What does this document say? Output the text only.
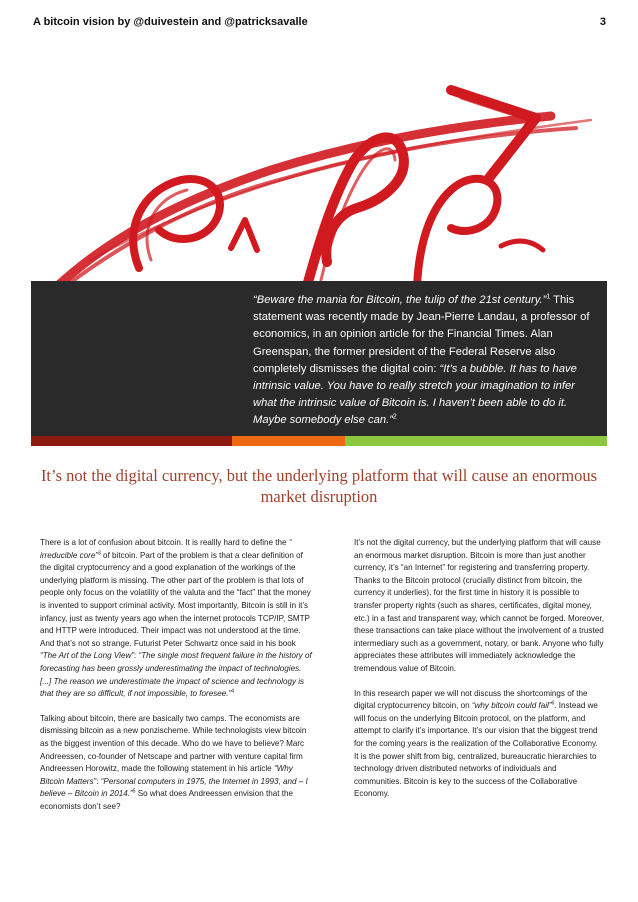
A bitcoin vision by @duivestein and @patricksavalle	3
“Beware the mania for Bitcoin, the tulip of the 21st century.”$^1$ This statement was recently made by Jean-Pierre Landau, a professor of economics, in an opinion article for the Financial Times. Alan Greenspan, the former president of the Federal Reserve also completely dismisses the digital coin: “It’s a bubble. It has to have intrinsic value. You have to really stretch your imagination to infer what the intrinsic value of Bitcoin is. I haven’t been able to do it. Maybe somebody else can.”$^2$
It’s not the digital currency, but the underlying platform that will cause an enormous market disruption

There is a lot of confusion about bitcoin. It is reallly hard to define the “ irreducible core”$^3$ of bitcoin. Part of the problem is that a clear definition of the digital cryptocurrency and a good explanation of the workings of the underlying platform is missing. The other part of the problem is that lots of people only focus on the volatility of the valuta and the “fact” that the money is invented to support criminal activity. Most importantly, Bitcoin is still in it’s infancy, just as twenty years ago when the internet protocols TCP/IP, SMTP and HTTP were introduced. Their impact was not understood at the time. And that’s not so strange. Futurist Peter Schwartz once said in his book “The Art of the Long View”: “The single most frequent failure in the history of forecasting has been grossly underestimating the impact of technologies. [...] The reason we underestimate the impact of science and technology is that they are so difficult, if not impossible, to foresee.”$^4$

Talking about bitcoin, there are basically two camps. The economists are dismissing bitcoin as a new ponzischeme. While technologists view bitcoin as the biggest invention of this decade. Who do we have to believe? Marc Andreessen, co-founder of Netscape and partner with venture capital firm Andreessen Horowitz, made the following statement in his article “Why Bitcoin Matters”: “Personal computers in 1975, the Internet in 1993, and – I believe – Bitcoin in 2014.”$^5$ So what does Andreessen envision that the economists don’t see?

It’s not the digital currency, but the underlying platform that will cause an enormous market disruption. Bitcoin is more than just another currency, it’s “an Internet” for registering and transferring property. Thanks to the Bitcoin protocol (crucially distinct from bitcoin, the currency it underlies), for the first time in history it is possible to transfer property rights (such as shares, certificates, digital money, etc.) in a fast and transparent way, which cannot be forged. Moreover, these transactions can take place without the involvement of a trusted intermediary such as a government, notary, or bank. Anyone who fully appreciates these attributes will immediately acknowledge the tremendous value of Bitcoin.

In this research paper we will not discuss the shortcomings of the digital cryptocurrency bitcoin, on “why bitcoin could fail”$^6$. Instead we will focus on the underlying Bitcoin protocol, on the platform, and attempt to clarify it’s importance. It’s our vision that the biggest trend for the coming years is the realization of the Collaborative Economy. It is the power shift from big, centralized, bureaucratic hierarchies to technology driven distributed networks of individuals and communities. Bitcoin is key to the success of the Collaborative Economy.
